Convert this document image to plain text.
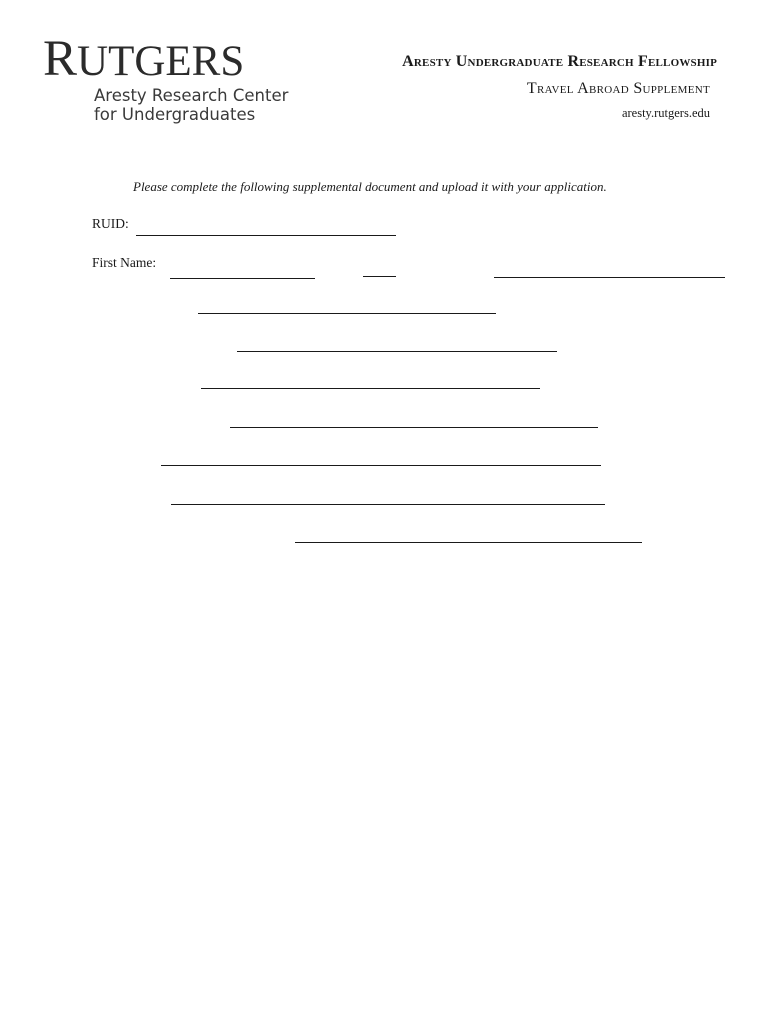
RUTGERS

Aresty Research Center

for Undergraduates

Aresty Undergraduate Research Fellowship

Travel Abroad Supplement

aresty.rutgers.edu

Please complete the following supplemental document and upload it with your application.

RUID:

First Name:
